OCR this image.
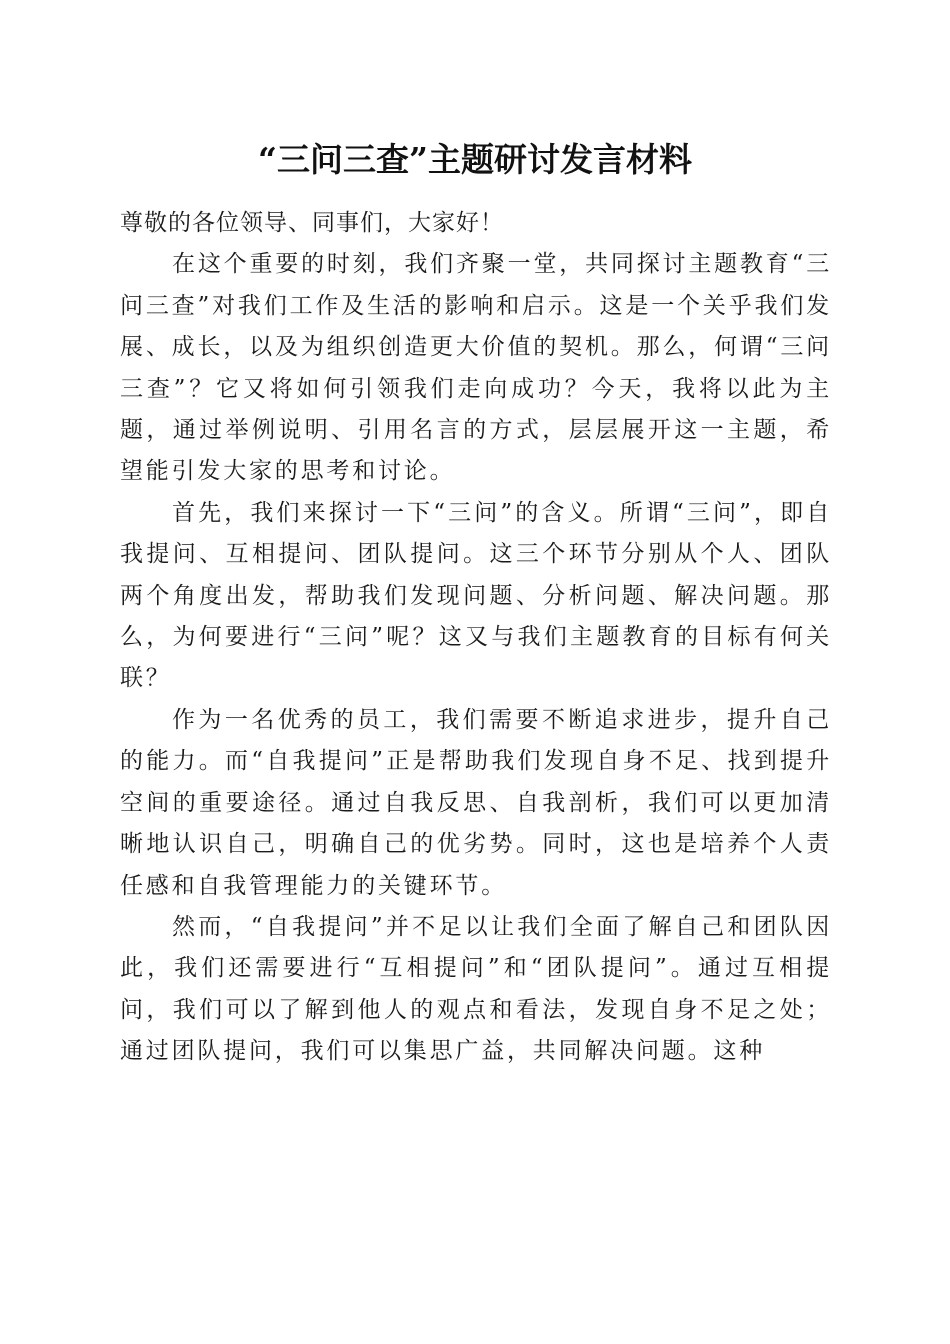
“三问三查”主题研讨发言材料

尊敬的各位领导、同事们，大家好！

在这个重要的时刻，我们齐聚一堂，共同探讨主题教育“三问三查”对我们工作及生活的影响和启示。这是一个关乎我们发展、成长，以及为组织创造更大价值的契机。那么，何谓“三问三查”？它又将如何引领我们走向成功？今天，我将以此为主题，通过举例说明、引用名言的方式，层层展开这一主题，希望能引发大家的思考和讨论。

首先，我们来探讨一下“三问”的含义。所谓“三问”，即自我提问、互相提问、团队提问。这三个环节分别从个人、团队两个角度出发，帮助我们发现问题、分析问题、解决问题。那么，为何要进行“三问”呢？这又与我们主题教育的目标有何关联？

作为一名优秀的员工，我们需要不断追求进步，提升自己的能力。而“自我提问”正是帮助我们发现自身不足、找到提升空间的重要途径。通过自我反思、自我剖析，我们可以更加清晰地认识自己，明确自己的优劣势。同时，这也是培养个人责任感和自我管理能力的关键环节。

然而，“自我提问”并不足以让我们全面了解自己和团队因此，我们还需要进行“互相提问”和“团队提问”。通过互相提问，我们可以了解到他人的观点和看法，发现自身不足之处；通过团队提问，我们可以集思广益，共同解决问题。这种
